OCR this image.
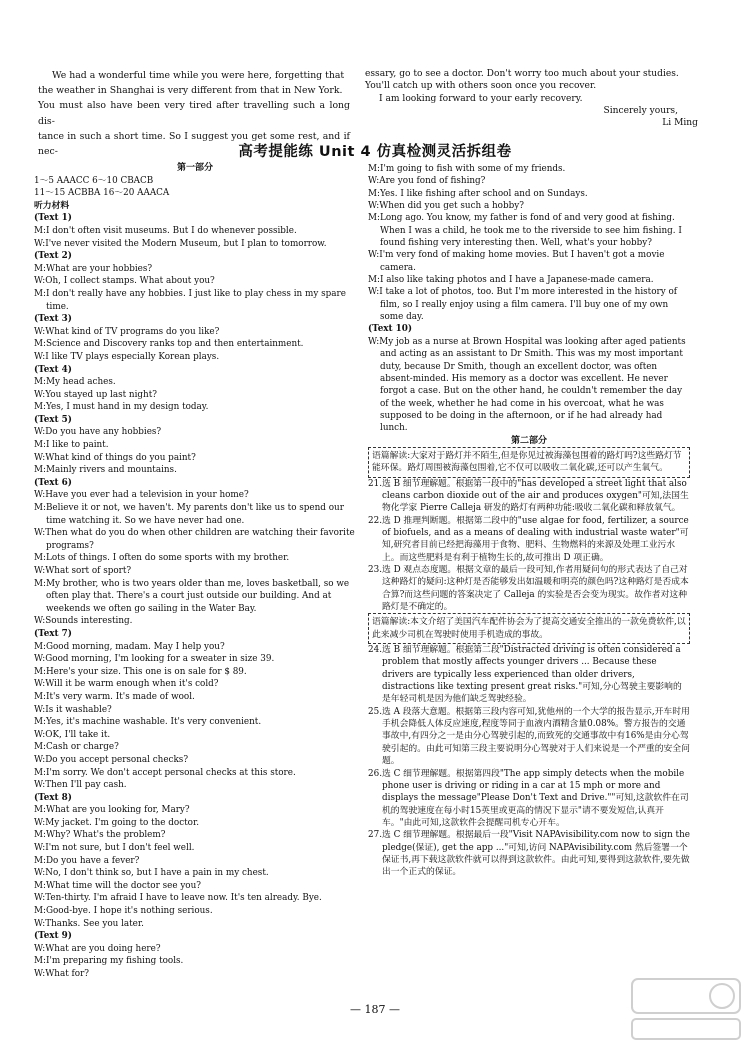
We had a wonderful time while you were here, forgetting that

the weather in Shanghai is very different from that in New York.

You must also have been very tired after travelling such a long dis-

tance in such a short time. So I suggest you get some rest, and if nec-

essary, go to see a doctor. Don't worry too much about your studies.

You'll catch up with others soon once you recover.

I am looking forward to your early recovery.

Sincerely yours,

Li Ming

高考提能练 Unit 4 仿真检测灵活拆组卷

第一部分

1～5 AAACC 6～10 CBACB

11～15 ACBBA 16～20 AAACA

听力材料

(Text 1)

M:I don't often visit museums. But I do whenever possible.

W:I've never visited the Modern Museum, but I plan to tomorrow.

(Text 2)

M:What are your hobbies?

W:Oh, I collect stamps. What about you?

M:I don't really have any hobbies. I just like to play chess in my spare time.

(Text 3)

W:What kind of TV programs do you like?

M:Science and Discovery ranks top and then entertainment.

W:I like TV plays especially Korean plays.

(Text 4)

M:My head aches.

W:You stayed up last night?

M:Yes, I must hand in my design today.

(Text 5)

W:Do you have any hobbies?

M:I like to paint.

W:What kind of things do you paint?

M:Mainly rivers and mountains.

(Text 6)

W:Have you ever had a television in your home?

M:Believe it or not, we haven't. My parents don't like us to spend our time watching it. So we have never had one.

W:Then what do you do when other children are watching their favorite programs?

M:Lots of things. I often do some sports with my brother.

W:What sort of sport?

M:My brother, who is two years older than me, loves basketball, so we often play that. There's a court just outside our building. And at weekends we often go sailing in the Water Bay.

W:Sounds interesting.

(Text 7)

M:Good morning, madam. May I help you?

W:Good morning, I'm looking for a sweater in size 39.

M:Here's your size. This one is on sale for $ 89.

W:Will it be warm enough when it's cold?

M:It's very warm. It's made of wool.

W:Is it washable?

M:Yes, it's machine washable. It's very convenient.

W:OK, I'll take it.

M:Cash or charge?

W:Do you accept personal checks?

M:I'm sorry. We don't accept personal checks at this store.

W:Then I'll pay cash.

(Text 8)

M:What are you looking for, Mary?

W:My jacket. I'm going to the doctor.

M:Why? What's the problem?

W:I'm not sure, but I don't feel well.

M:Do you have a fever?

W:No, I don't think so, but I have a pain in my chest.

M:What time will the doctor see you?

W:Ten-thirty. I'm afraid I have to leave now. It's ten already. Bye.

M:Good-bye. I hope it's nothing serious.

W:Thanks. See you later.

(Text 9)

W:What are you doing here?

M:I'm preparing my fishing tools.

W:What for?

M:I'm going to fish with some of my friends.

W:Are you fond of fishing?

M:Yes. I like fishing after school and on Sundays.

W:When did you get such a hobby?

M:Long ago. You know, my father is fond of and very good at fishing. When I was a child, he took me to the riverside to see him fishing. I found fishing very interesting then. Well, what's your hobby?

W:I'm very fond of making home movies. But I haven't got a movie camera.

M:I also like taking photos and I have a Japanese-made camera.

W:I take a lot of photos, too. But I'm more interested in the history of film, so I really enjoy using a film camera. I'll buy one of my own some day.

(Text 10)

W:My job as a nurse at Brown Hospital was looking after aged patients and acting as an assistant to Dr Smith. This was my most important duty, because Dr Smith, though an excellent doctor, was often absent-minded. His memory as a doctor was excellent. He never forgot a case. But on the other hand, he couldn't remember the day of the week, whether he had come in his overcoat, what he was supposed to be doing in the afternoon, or if he had already had lunch.

第二部分

语篇解读:大家对于路灯并不陌生,但是你见过被海藻包围着的路灯吗?这些路灯节能环保。路灯周围被海藻包围着,它不仅可以吸收二氧化碳,还可以产生氧气。

21.选 B 细节理解题。根据第一段中的"has developed a street light that also cleans carbon dioxide out of the air and produces oxygen"可知,法国生物化学家 Pierre Calleja 研发的路灯有两种功能:吸收二氧化碳和释放氧气。

22.选 D 推理判断题。根据第二段中的"use algae for food, fertilizer, a source of biofuels, and as a means of dealing with industrial waste water"可知,研究者目前已经把海藻用于食物、肥料、生物燃料的来源及处理工业污水上。而这些肥料是有利于植物生长的,故可推出 D 项正确。

23.选 D 观点态度题。根据文章的最后一段可知,作者用疑问句的形式表达了自己对这种路灯的疑问:这种灯是否能够发出如温暖和明亮的颜色吗?这种路灯是否成本合算?而这些问题的答案决定了 Calleja 的实验是否会变为现实。故作者对这种路灯是不确定的。

语篇解读:本文介绍了美国汽车配件协会为了提高交通安全推出的一款免费软件,以此来减少司机在驾驶时使用手机造成的事故。

24.选 B 细节理解题。根据第二段"Distracted driving is often considered a problem that mostly affects younger drivers ... Because these drivers are typically less experienced than older drivers, distractions like texting present great risks."可知,分心驾驶主要影响的是年轻司机是因为他们缺乏驾驶经验。

25.选 A 段落大意题。根据第三段内容可知,犹他州的一个大学的报告显示,开车时用手机会降低人体反应速度,程度等同于血液内酒精含量0.08%。警方报告的交通事故中,有四分之一是由分心驾驶引起的,而致死的交通事故中有16%是由分心驾驶引起的。由此可知第三段主要说明分心驾驶对于人们来说是一个严重的安全问题。

26.选 C 细节理解题。根据第四段"The app simply detects when the mobile phone user is driving or riding in a car at 15 mph or more and displays the message"Please Don't Text and Drive.""可知,这款软件在司机的驾驶速度在每小时15英里或更高的情况下显示"请不要发短信,认真开车。"由此可知,这款软件会提醒司机专心开车。

27.选 C 细节理解题。根据最后一段"Visit NAPAvisibility.com now to sign the pledge(保证), get the app ..."可知,访问 NAPAvisibility.com 然后签署一个保证书,再下载这款软件就可以得到这款软件。由此可知,要得到这款软件,要先做出一个正式的保证。

— 187 —
